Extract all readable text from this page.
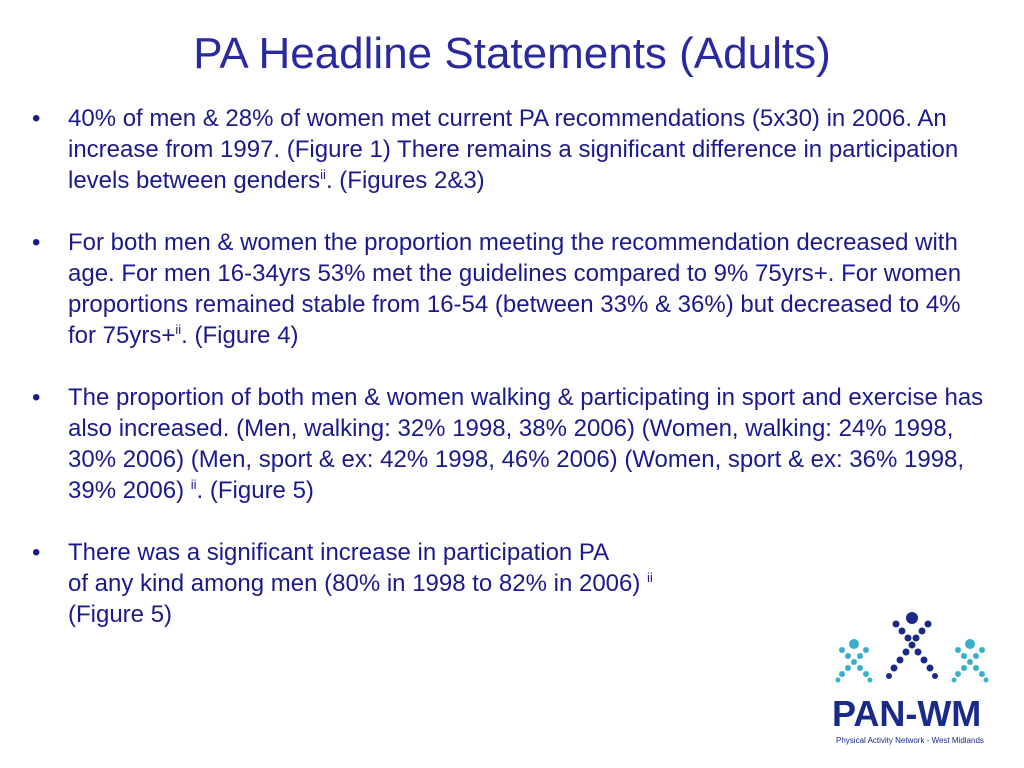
PA Headline Statements (Adults)

• 40% of men & 28% of women met current PA recommendations (5x30) in 2006. An increase from 1997. (Figure 1) There remains a significant difference in participation levels between genders$^{ii}$. (Figures 2&3)

• For both men & women the proportion meeting the recommendation decreased with age. For men 16-34yrs 53% met the guidelines compared to 9% 75yrs+. For women proportions remained stable from 16-54 (between 33% & 36%) but decreased to 4% for 75yrs+$^{ii}$. (Figure 4)

• The proportion of both men & women walking & participating in sport and exercise has also increased. (Men, walking: 32% 1998, 38% 2006) (Women, walking: 24% 1998, 30% 2006) (Men, sport & ex: 42% 1998, 46% 2006) (Women, sport & ex: 36% 1998, 39% 2006) $^{ii}$. (Figure 5)

• There was a significant increase in participation PA
of any kind among men (80% in 1998 to 82% in 2006) $^{ii}$
(Figure 5)

PAN-WM
Physical Activity Network - West Midlands
